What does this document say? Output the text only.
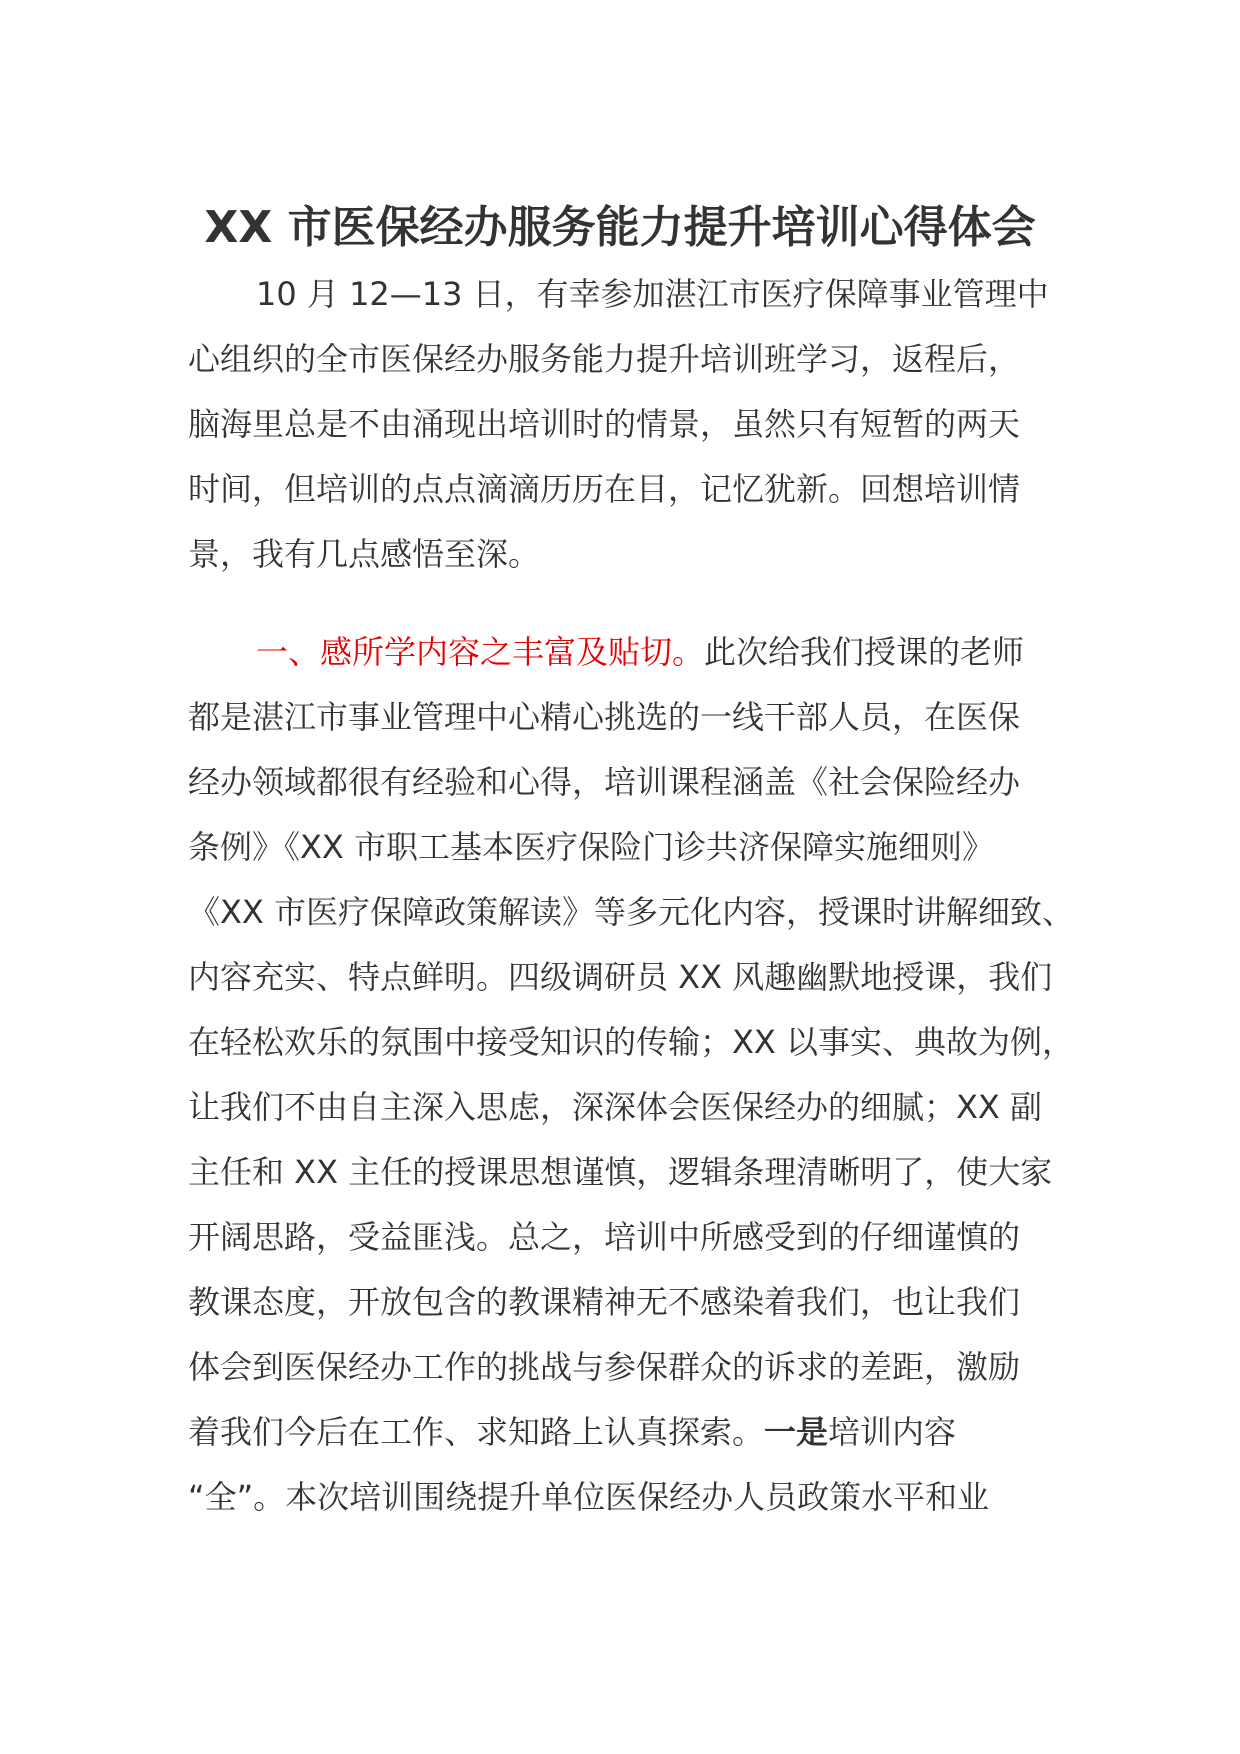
XX 市医保经办服务能力提升培训心得体会
10 月 12—13 日，有幸参加湛江市医疗保障事业管理中
心组织的全市医保经办服务能力提升培训班学习，返程后，
脑海里总是不由涌现出培训时的情景，虽然只有短暂的两天
时间，但培训的点点滴滴历历在目，记忆犹新。回想培训情
景，我有几点感悟至深。
一、感所学内容之丰富及贴切。此次给我们授课的老师
都是湛江市事业管理中心精心挑选的一线干部人员，在医保
经办领域都很有经验和心得，培训课程涵盖《社会保险经办
条例》《XX 市职工基本医疗保险门诊共济保障实施细则》
《XX 市医疗保障政策解读》等多元化内容，授课时讲解细致、
内容充实、特点鲜明。四级调研员 XX 风趣幽默地授课，我们
在轻松欢乐的氛围中接受知识的传输；XX 以事实、典故为例，
让我们不由自主深入思虑，深深体会医保经办的细腻；XX 副
主任和 XX 主任的授课思想谨慎，逻辑条理清晰明了，使大家
开阔思路，受益匪浅。总之，培训中所感受到的仔细谨慎的
教课态度，开放包含的教课精神无不感染着我们，也让我们
体会到医保经办工作的挑战与参保群众的诉求的差距，激励
着我们今后在工作、求知路上认真探索。一是培训内容
“全”。本次培训围绕提升单位医保经办人员政策水平和业
